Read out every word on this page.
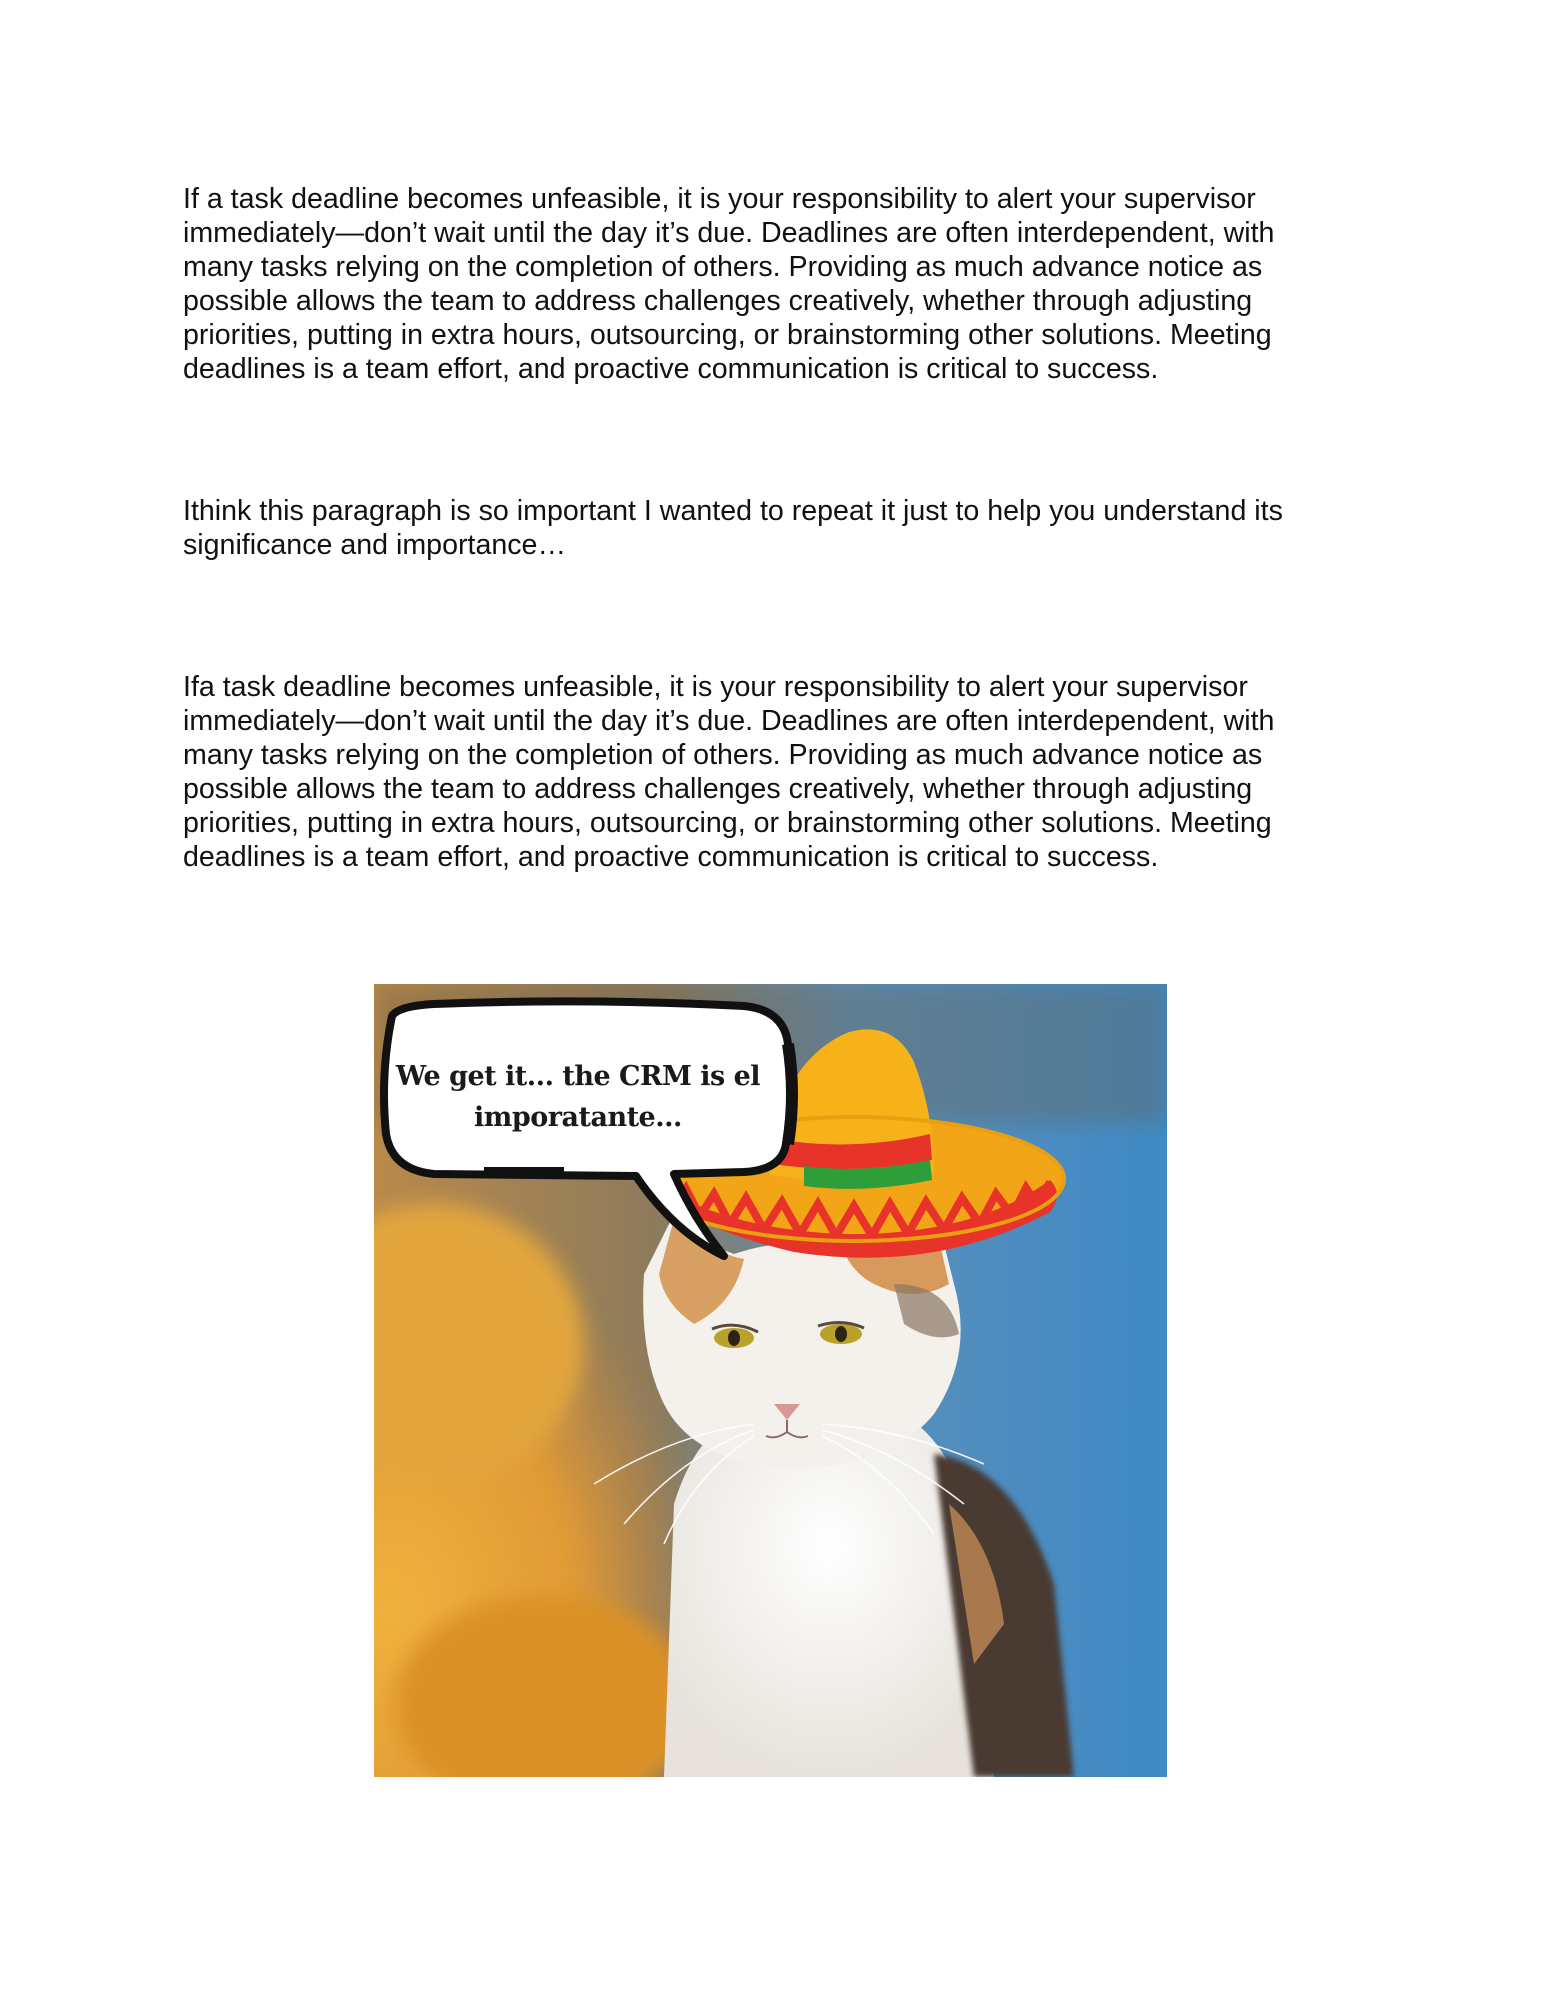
If a task deadline becomes unfeasible, it is your responsibility to alert your supervisor
immediately—don’t wait until the day it’s due. Deadlines are often interdependent, with
many tasks relying on the completion of others. Providing as much advance notice as
possible allows the team to address challenges creatively, whether through adjusting
priorities, putting in extra hours, outsourcing, or brainstorming other solutions. Meeting
deadlines is a team effort, and proactive communication is critical to success.

Ithink this paragraph is so important I wanted to repeat it just to help you understand its
significance and importance…

Ifa task deadline becomes unfeasible, it is your responsibility to alert your supervisor
immediately—don’t wait until the day it’s due. Deadlines are often interdependent, with
many tasks relying on the completion of others. Providing as much advance notice as
possible allows the team to address challenges creatively, whether through adjusting
priorities, putting in extra hours, outsourcing, or brainstorming other solutions. Meeting
deadlines is a team effort, and proactive communication is critical to success.

We get it... the CRM is el
imporatante...
